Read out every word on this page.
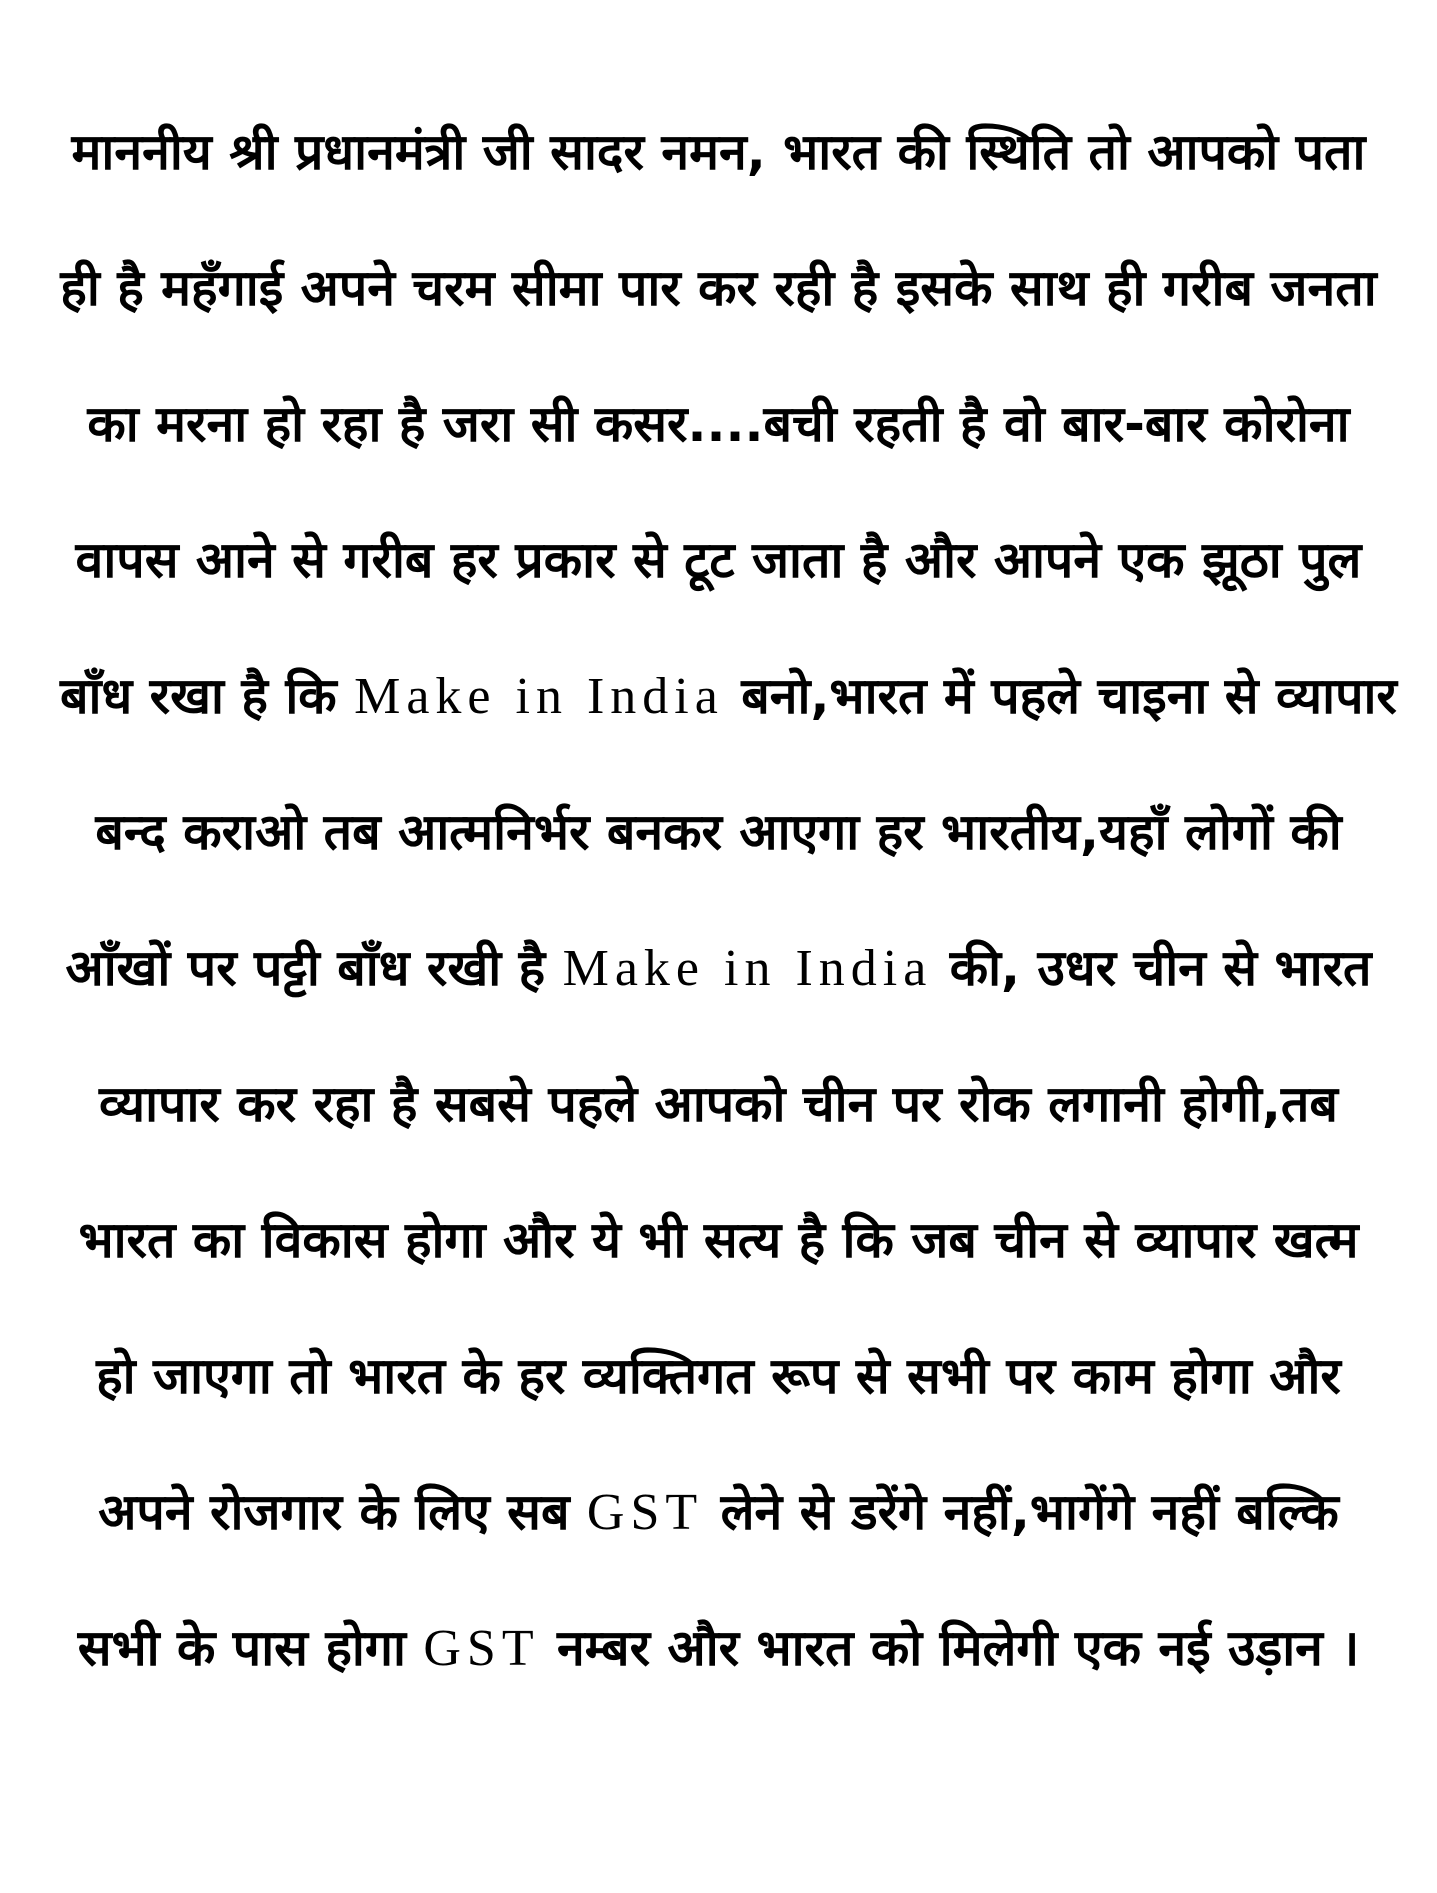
माननीय श्री प्रधानमंत्री जी सादर नमन, भारत की स्थिति तो आपको पता
ही है महँगाई अपने चरम सीमा पार कर रही है इसके साथ ही गरीब जनता
का मरना हो रहा है जरा सी कसर....बची रहती है वो बार-बार कोरोना
वापस आने से गरीब हर प्रकार से टूट जाता है और आपने एक झूठा पुल
बाँध रखा है कि Make in India बनो,भारत में पहले चाइना से व्यापार
बन्द कराओ तब आत्मनिर्भर बनकर आएगा हर भारतीय,यहाँ लोगों की
आँखों पर पट्टी बाँध रखी है Make in India की, उधर चीन से भारत
व्यापार कर रहा है सबसे पहले आपको चीन पर रोक लगानी होगी,तब
भारत का विकास होगा और ये भी सत्य है कि जब चीन से व्यापार खत्म
हो जाएगा तो भारत के हर व्यक्तिगत रूप से सभी पर काम होगा और
अपने रोजगार के लिए सब GST लेने से डरेंगे नहीं,भागेंगे नहीं बल्कि
सभी के पास होगा GST नम्बर और भारत को मिलेगी एक नई उड़ान ।
